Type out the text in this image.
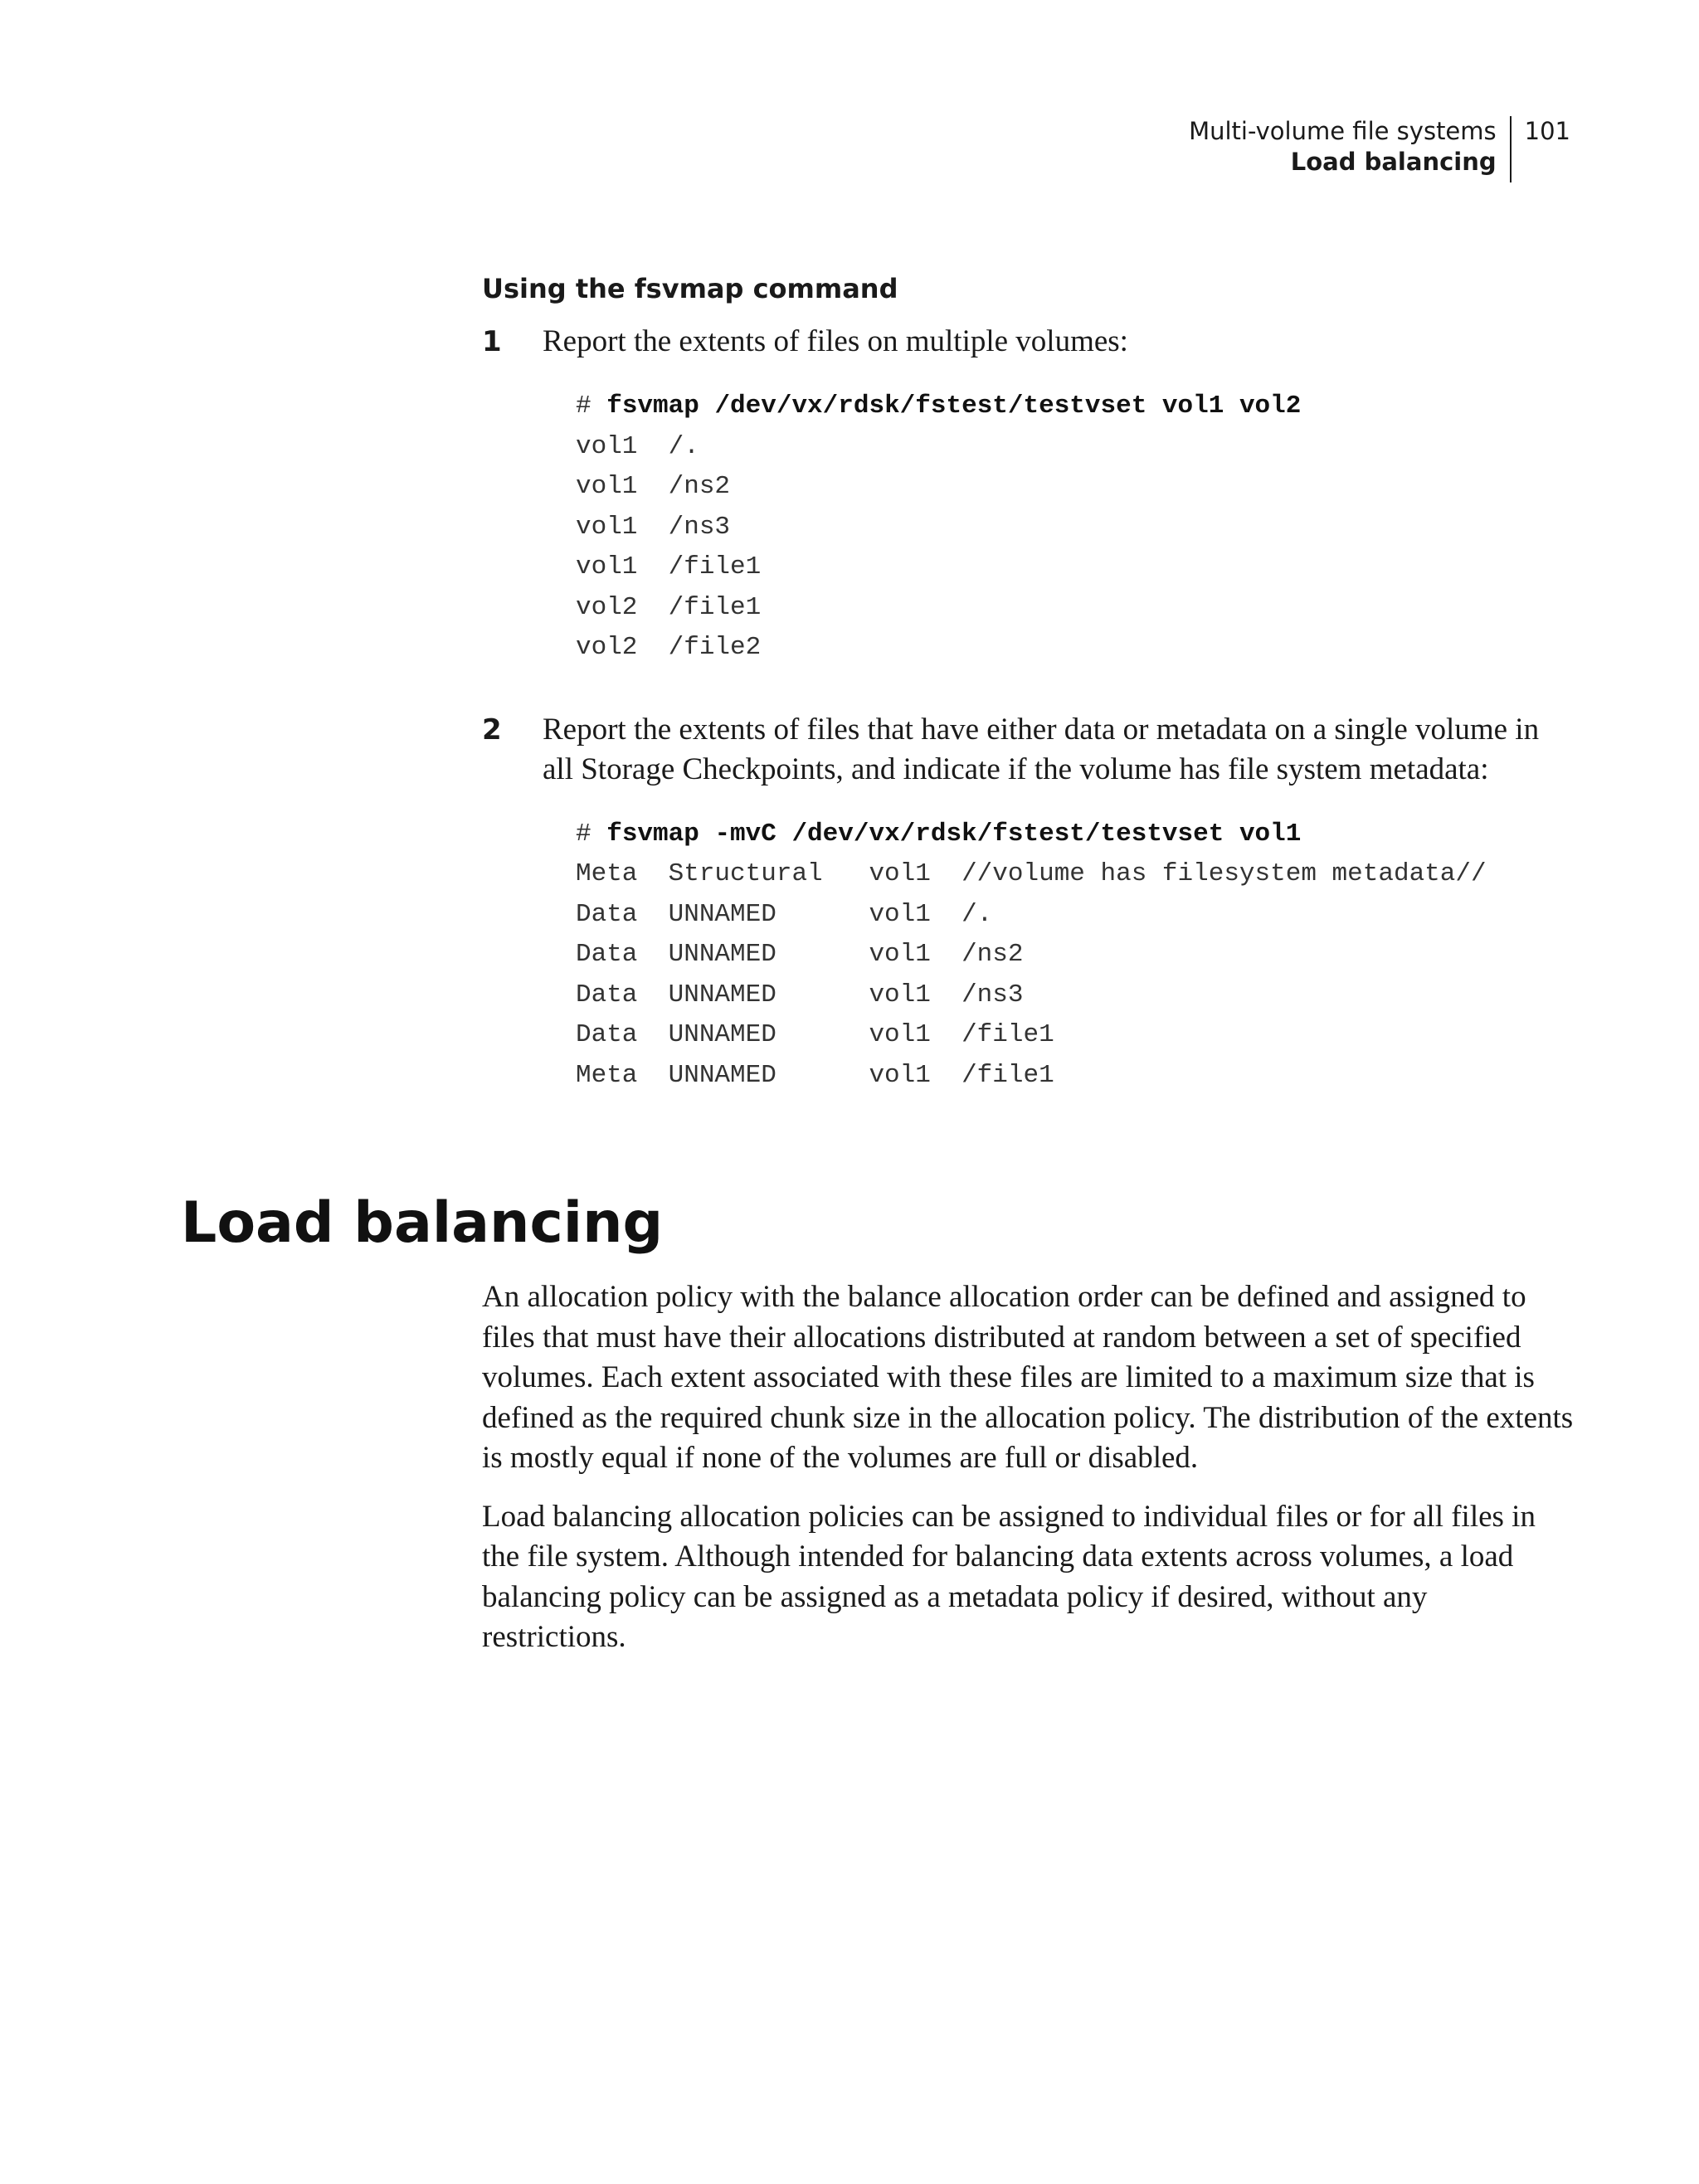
Multi-volume file systems
Load balancing
101
Using the fsvmap command
1	Report the extents of files on multiple volumes:

# fsvmap /dev/vx/rdsk/fstest/testvset vol1 vol2
vol1  /.
vol1  /ns2
vol1  /ns3
vol1  /file1
vol2  /file1
vol2  /file2
2	Report the extents of files that have either data or metadata on a single volume in all Storage Checkpoints, and indicate if the volume has file system metadata:

# fsvmap -mvC /dev/vx/rdsk/fstest/testvset vol1
Meta  Structural   vol1  //volume has filesystem metadata//
Data  UNNAMED      vol1  /.
Data  UNNAMED      vol1  /ns2
Data  UNNAMED      vol1  /ns3
Data  UNNAMED      vol1  /file1
Meta  UNNAMED      vol1  /file1
Load balancing

An allocation policy with the balance allocation order can be defined and assigned to files that must have their allocations distributed at random between a set of specified volumes. Each extent associated with these files are limited to a maximum size that is defined as the required chunk size in the allocation policy. The distribution of the extents is mostly equal if none of the volumes are full or disabled.

Load balancing allocation policies can be assigned to individual files or for all files in the file system. Although intended for balancing data extents across volumes, a load balancing policy can be assigned as a metadata policy if desired, without any restrictions.
